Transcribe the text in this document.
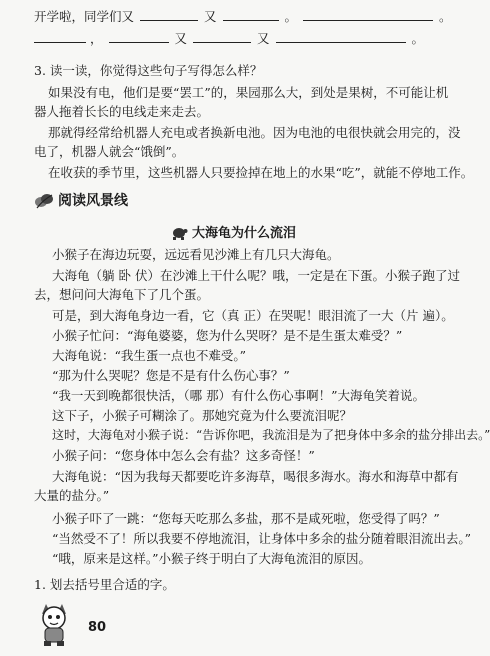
开学啦，同学们又	又	。	。
，	又	又	。
3. 读一读，你觉得这些句子写得怎么样？
如果没有电，他们是要“罢工”的，果园那么大，到处是果树，不可能让机
器人拖着长长的电线走来走去。
那就得经常给机器人充电或者换新电池。因为电池的电很快就会用完的，没
电了，机器人就会“饿倒”。
在收获的季节里，这些机器人只要捡掉在地上的水果“吃”，就能不停地工作。
阅读风景线
大海龟为什么流泪
小猴子在海边玩耍，远远看见沙滩上有几只大海龟。
大海龟（躺 卧 伏）在沙滩上干什么呢？哦，一定是在下蛋。小猴子跑了过
去，想问问大海龟下了几个蛋。
可是，到大海龟身边一看，它（真 正）在哭呢！眼泪流了一大（片 遍）。
小猴子忙问：“海龟婆婆，您为什么哭呀？是不是生蛋太难受？”
大海龟说：“我生蛋一点也不难受。”
“那为什么哭呢？您是不是有什么伤心事？”
“我一天到晚都很快活，（哪 那）有什么伤心事啊！”大海龟笑着说。
这下子，小猴子可糊涂了。那她究竟为什么要流泪呢？
这时，大海龟对小猴子说：“告诉你吧，我流泪是为了把身体中多余的盐分排出去。”
小猴子问：“您身体中怎么会有盐？这多奇怪！”
大海龟说：“因为我每天都要吃许多海草，喝很多海水。海水和海草中都有
大量的盐分。”
小猴子吓了一跳：“您每天吃那么多盐，那不是咸死啦，您受得了吗？”
“当然受不了！所以我要不停地流泪，让身体中多余的盐分随着眼泪流出去。”
“哦，原来是这样。”小猴子终于明白了大海龟流泪的原因。
1. 划去括号里合适的字。
80
